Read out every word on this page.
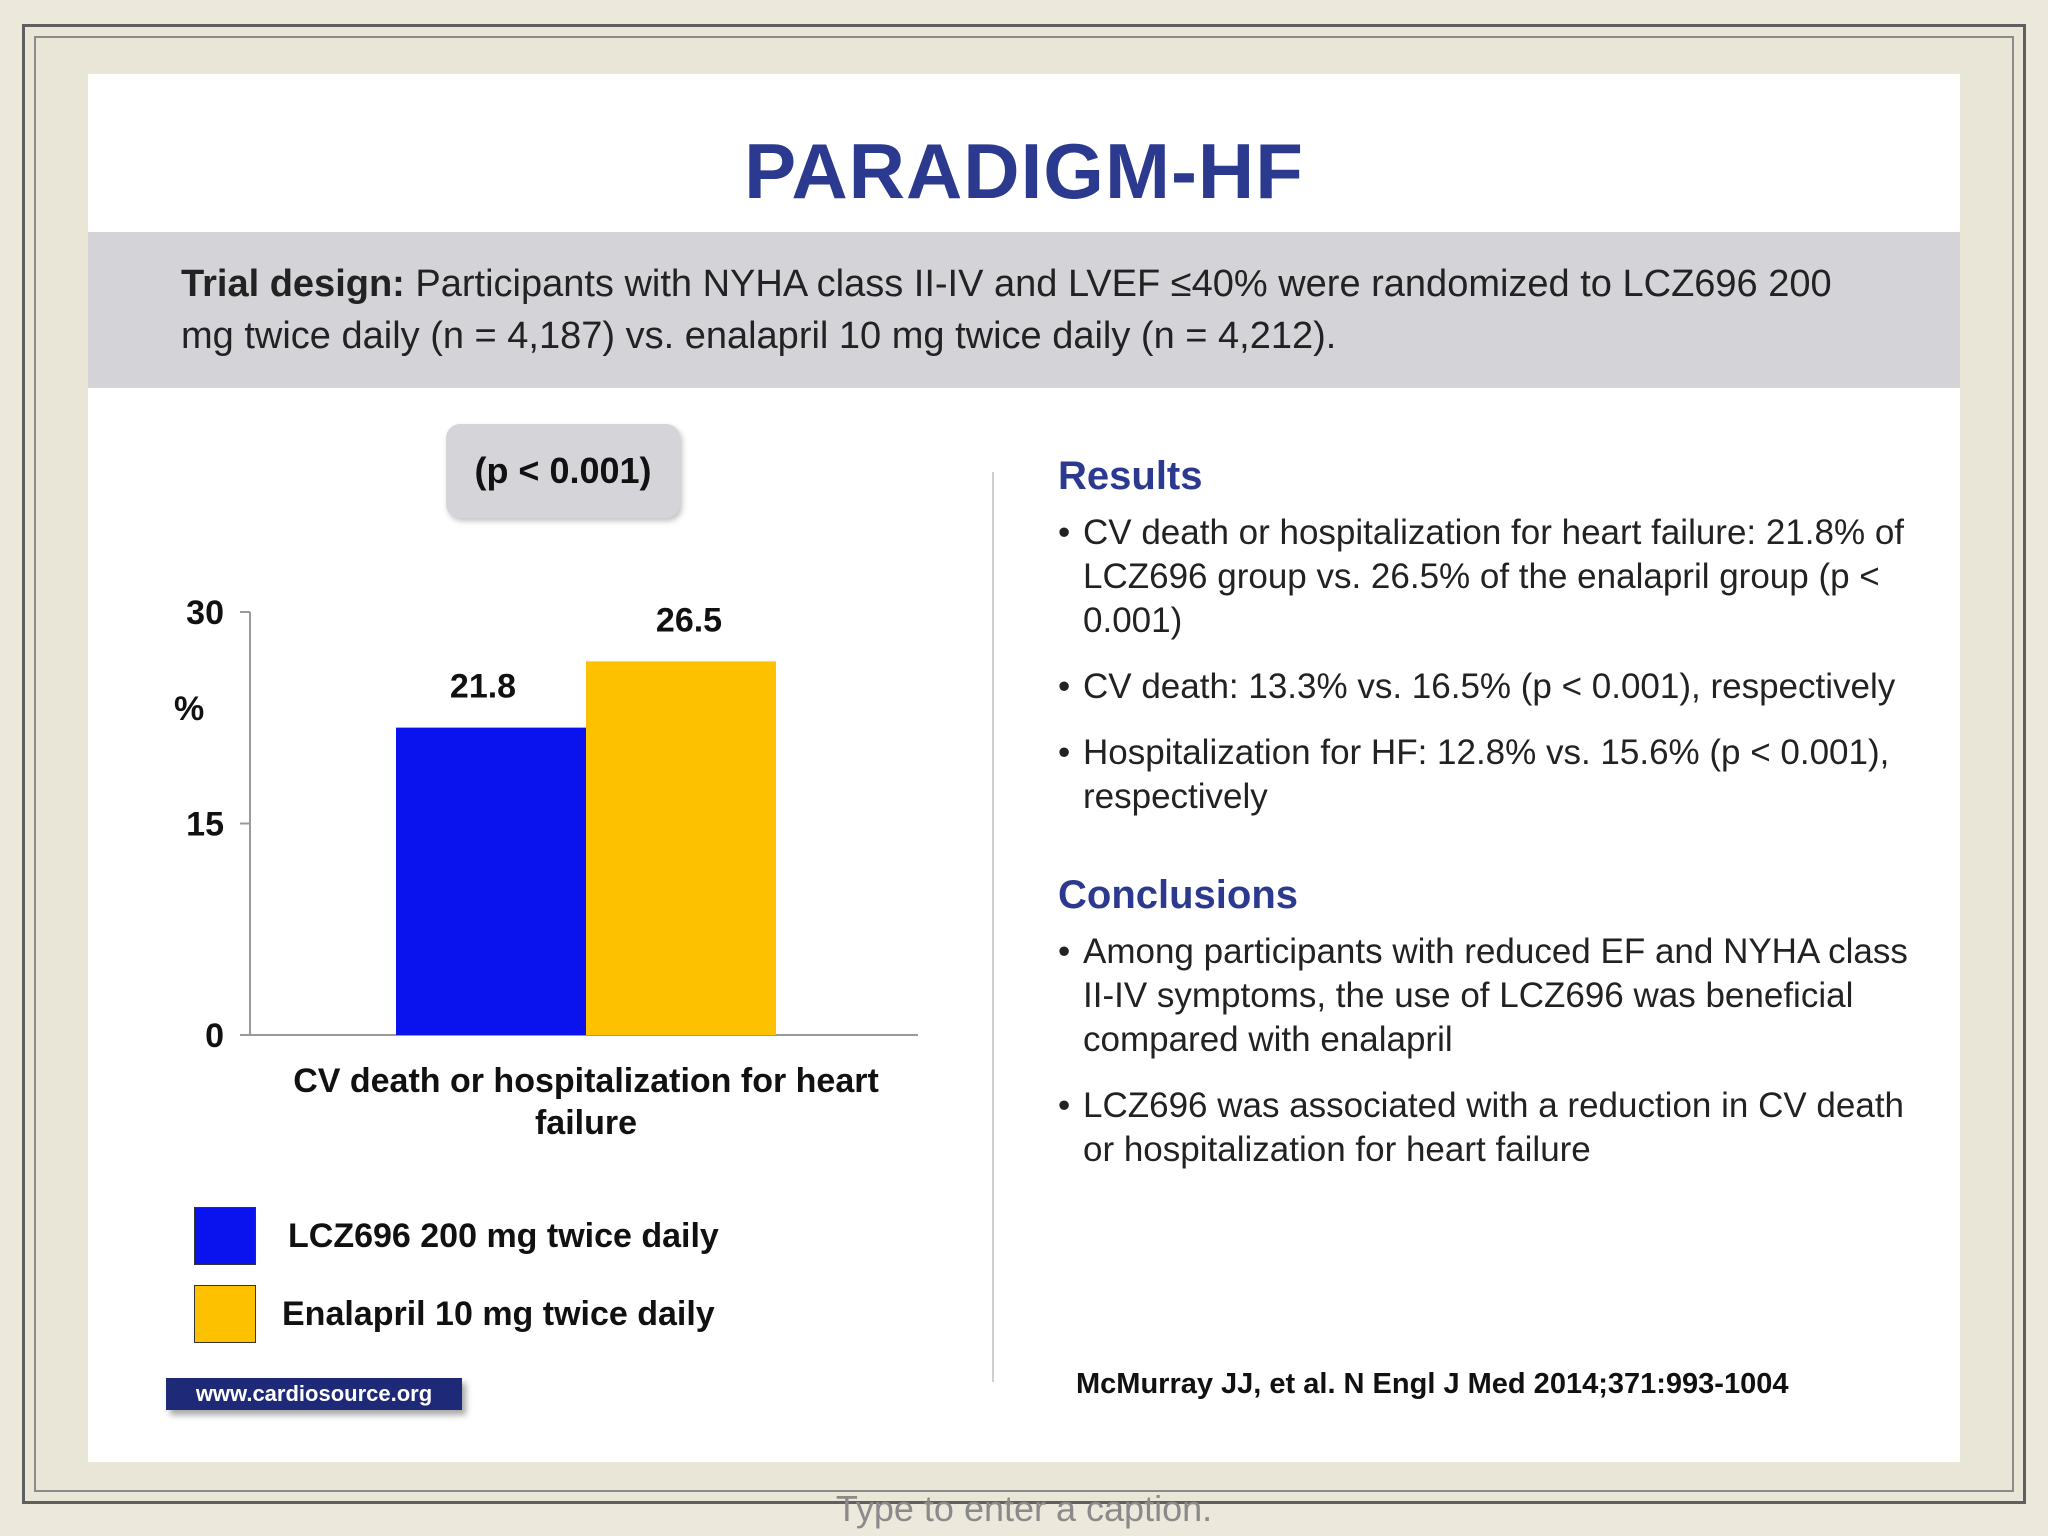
PARADIGM-HF
Trial design: Participants with NYHA class II-IV and LVEF ≤40% were randomized to LCZ696 200 mg twice daily (n = 4,187) vs. enalapril 10 mg twice daily (n = 4,212).
0
15
30
%
21.8
26.5
CV death or hospitalization for heart
failure
(p < 0.001)
LCZ696 200 mg twice daily
Enalapril 10 mg twice daily
www.cardiosource.org
Results
• CV death or hospitalization for heart failure: 21.8% of LCZ696 group vs. 26.5% of the enalapril group (p < 0.001)
• CV death: 13.3% vs. 16.5% (p < 0.001), respectively
• Hospitalization for HF: 12.8% vs. 15.6% (p < 0.001), respectively
Conclusions
• Among participants with reduced EF and NYHA class II-IV symptoms, the use of LCZ696 was beneficial compared with enalapril
• LCZ696 was associated with a reduction in CV death or hospitalization for heart failure
McMurray JJ, et al. N Engl J Med 2014;371:993-1004
Type to enter a caption.
